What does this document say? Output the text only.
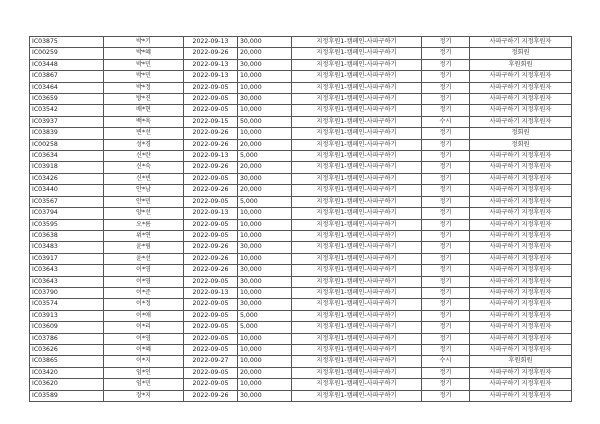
IC03875	박*기	2022-09-13	30,000	지정후원1-캠페인-사파구하기	정기	사파구하기 지정후원자
IC00259	박*혜	2022-09-26	20,000	지정후원1-캠페인-사파구하기	정기	정회원
IC03448	박*민	2022-09-13	30,000	지정후원1-캠페인-사파구하기	정기	후원회원
IC03867	박*민	2022-09-13	10,000	지정후원1-캠페인-사파구하기	정기	사파구하기 지정후원자
IC03464	박*정	2022-09-05	10,000	지정후원1-캠페인-사파구하기	정기	사파구하기 지정후원자
IC03659	방*진	2022-09-05	30,000	지정후원1-캠페인-사파구하기	정기	사파구하기 지정후원자
IC03542	배*현	2022-09-05	10,000	지정후원1-캠페인-사파구하기	정기	사파구하기 지정후원자
IC03937	백*욱	2022-09-15	50,000	지정후원1-캠페인-사파구하기	수시	사파구하기 지정후원자
IC03839	변*선	2022-09-26	10,000	지정후원1-캠페인-사파구하기	정기	정회원
IC00258	성*경	2022-09-26	20,000	지정후원1-캠페인-사파구하기	정기	정회원
IC03634	신*란	2022-09-13	5,000	지정후원1-캠페인-사파구하기	정기	사파구하기 지정후원자
IC03918	신*숙	2022-09-26	20,000	지정후원1-캠페인-사파구하기	정기	사파구하기 지정후원자
IC03426	신*빈	2022-09-05	30,000	지정후원1-캠페인-사파구하기	정기	사파구하기 지정후원자
IC03440	안*남	2022-09-26	20,000	지정후원1-캠페인-사파구하기	정기	사파구하기 지정후원자
IC03567	안*민	2022-09-05	5,000	지정후원1-캠페인-사파구하기	정기	사파구하기 지정후원자
IC03794	양*선	2022-09-13	10,000	지정후원1-캠페인-사파구하기	정기	사파구하기 지정후원자
IC03595	오*름	2022-09-05	10,000	지정후원1-캠페인-사파구하기	정기	사파구하기 지정후원자
IC03638	위*연	2022-09-05	10,000	지정후원1-캠페인-사파구하기	정기	사파구하기 지정후원자
IC03483	윤*림	2022-09-26	30,000	지정후원1-캠페인-사파구하기	정기	사파구하기 지정후원자
IC03917	윤*선	2022-09-26	10,000	지정후원1-캠페인-사파구하기	정기	사파구하기 지정후원자
IC03643	이*영	2022-09-26	30,000	지정후원1-캠페인-사파구하기	정기	사파구하기 지정후원자
IC03643	이*영	2022-09-05	30,000	지정후원1-캠페인-사파구하기	정기	사파구하기 지정후원자
IC03790	이*준	2022-09-13	10,000	지정후원1-캠페인-사파구하기	정기	사파구하기 지정후원자
IC03574	이*정	2022-09-05	30,000	지정후원1-캠페인-사파구하기	정기	사파구하기 지정후원자
IC03913	이*애	2022-09-05	5,000	지정후원1-캠페인-사파구하기	정기	사파구하기 지정후원자
IC03609	이*리	2022-09-05	5,000	지정후원1-캠페인-사파구하기	정기	사파구하기 지정후원자
IC03786	이*영	2022-09-05	10,000	지정후원1-캠페인-사파구하기	정기	사파구하기 지정후원자
IC03626	이*혜	2022-09-05	10,000	지정후원1-캠페인-사파구하기	정기	사파구하기 지정후원자
IC03865	이*지	2022-09-27	10,000	지정후원1-캠페인-사파구하기	수시	후원회원
IC03420	임*인	2022-09-05	20,000	지정후원1-캠페인-사파구하기	정기	사파구하기 지정후원자
IC03620	임*민	2022-09-05	10,000	지정후원1-캠페인-사파구하기	정기	사파구하기 지정후원자
IC03589	장*지	2022-09-26	30,000	지정후원1-캠페인-사파구하기	정기	사파구하기 지정후원자
